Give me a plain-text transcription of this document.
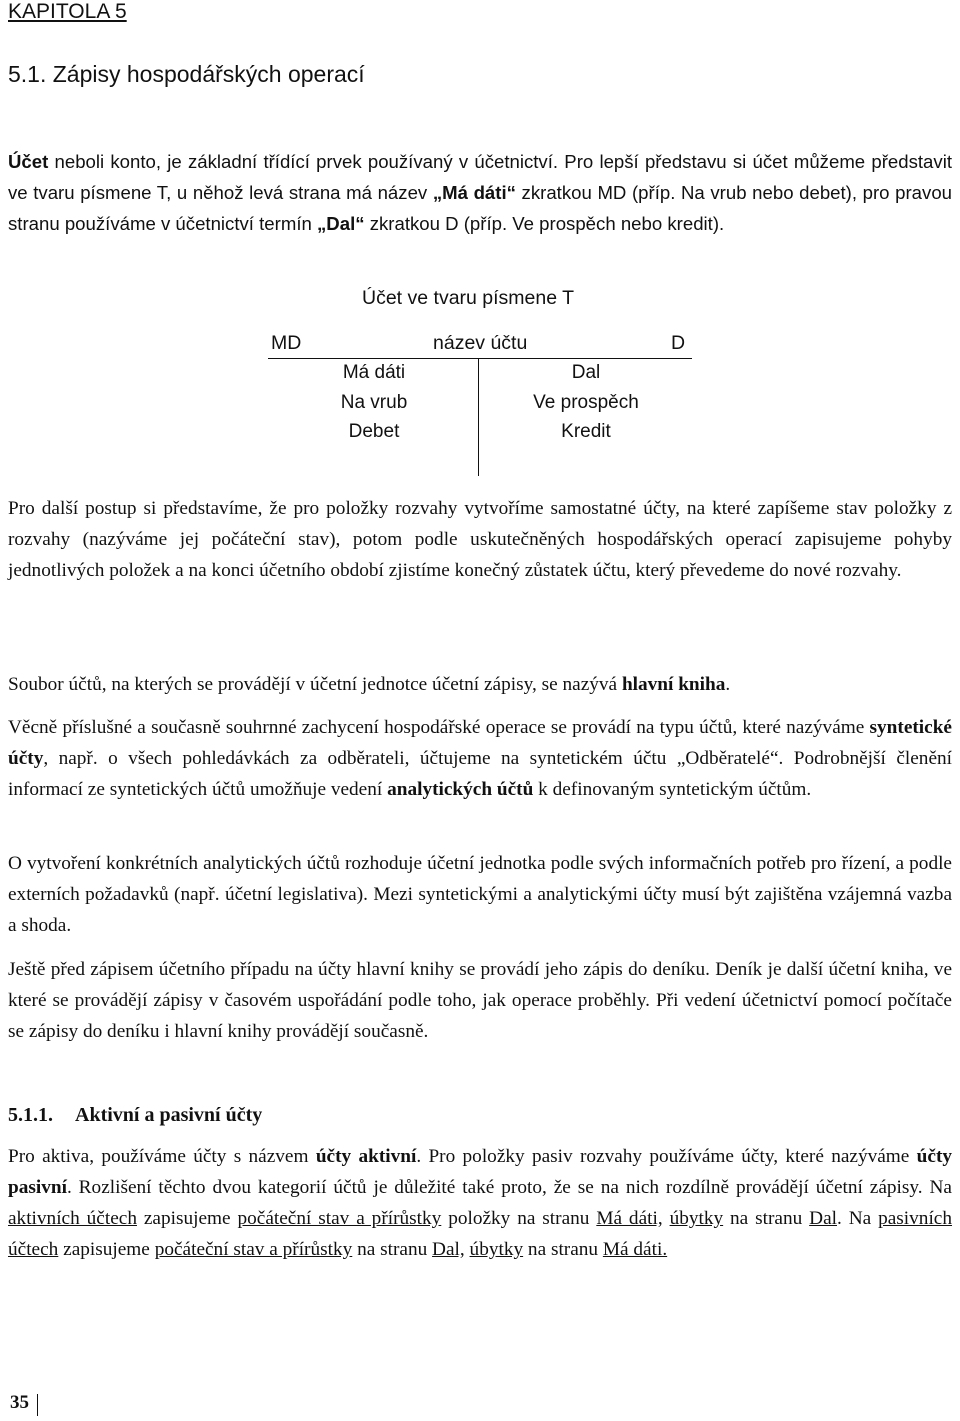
KAPITOLA 5
5.1. Zápisy hospodářských operací
Účet neboli konto, je základní třídící prvek používaný v účetnictví. Pro lepší představu si účet můžeme představit ve tvaru písmene T, u něhož levá strana má název „Má dáti“ zkratkou MD (příp. Na vrub nebo debet), pro pravou stranu používáme v účetnictví termín „Dal“ zkratkou D (příp. Ve prospěch nebo kredit).
Účet ve tvaru písmene T
MD	název účtu	D
Má dáti
Na vrub
Debet
Dal
Ve prospěch
Kredit
Pro další postup si představíme, že pro položky rozvahy vytvoříme samostatné účty, na které zapíšeme stav položky z rozvahy (nazýváme jej počáteční stav), potom podle uskutečněných hospodářských operací zapisujeme pohyby jednotlivých položek a na konci účetního období zjistíme konečný zůstatek účtu, který převedeme do nové rozvahy.
Soubor účtů, na kterých se provádějí v účetní jednotce účetní zápisy, se nazývá hlavní kniha.
Věcně příslušné a současně souhrnné zachycení hospodářské operace se provádí na typu účtů, které nazýváme syntetické účty, např. o všech pohledávkách za odběrateli, účtujeme na syntetickém účtu „Odběratelé“. Podrobnější členění informací ze syntetických účtů umožňuje vedení analytických účtů k definovaným syntetickým účtům.
O vytvoření konkrétních analytických účtů rozhoduje účetní jednotka podle svých informačních potřeb pro řízení, a podle externích požadavků (např. účetní legislativa). Mezi syntetickými a analytickými účty musí být zajištěna vzájemná vazba a shoda.
Ještě před zápisem účetního případu na účty hlavní knihy se provádí jeho zápis do deníku. Deník je další účetní kniha, ve které se provádějí zápisy v časovém uspořádání podle toho, jak operace proběhly. Při vedení účetnictví pomocí počítače se zápisy do deníku i hlavní knihy provádějí současně.
5.1.1. Aktivní a pasivní účty
Pro aktiva, používáme účty s názvem účty aktivní. Pro položky pasiv rozvahy používáme účty, které nazýváme účty pasivní. Rozlišení těchto dvou kategorií účtů je důležité také proto, že se na nich rozdílně provádějí účetní zápisy. Na aktivních účtech zapisujeme počáteční stav a přírůstky položky na stranu Má dáti, úbytky na stranu Dal. Na pasivních účtech zapisujeme počáteční stav a přírůstky na stranu Dal, úbytky na stranu Má dáti.
35
